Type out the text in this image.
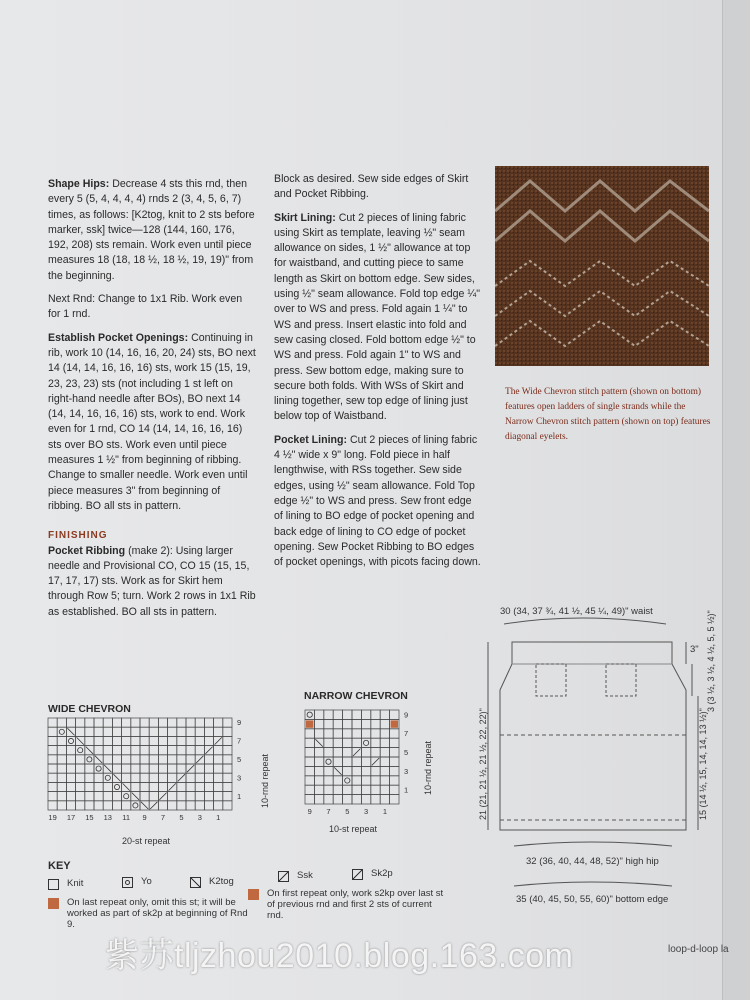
Shape Hips: Decrease 4 sts this rnd, then every 5 (5, 4, 4, 4, 4) rnds 2 (3, 4, 5, 6, 7) times, as follows: [K2tog, knit to 2 sts before marker, ssk] twice—128 (144, 160, 176, 192, 208) sts remain. Work even until piece measures 18 (18, 18 ½, 18 ½, 19, 19)" from the beginning.

Next Rnd: Change to 1x1 Rib. Work even for 1 rnd.

Establish Pocket Openings: Continuing in rib, work 10 (14, 16, 16, 20, 24) sts, BO next 14 (14, 14, 16, 16, 16) sts, work 15 (15, 19, 23, 23, 23) sts (not including 1 st left on right-hand needle after BOs), BO next 14 (14, 14, 16, 16, 16) sts, work to end. Work even for 1 rnd, CO 14 (14, 14, 16, 16, 16) sts over BO sts. Work even until piece measures 1 ½" from beginning of ribbing. Change to smaller needle. Work even until piece measures 3" from beginning of ribbing. BO all sts in pattern.

FINISHING

Pocket Ribbing (make 2): Using larger needle and Provisional CO, CO 15 (15, 15, 17, 17, 17) sts. Work as for Skirt hem through Row 5; turn. Work 2 rows in 1x1 Rib as established. BO all sts in pattern.

Block as desired. Sew side edges of Skirt and Pocket Ribbing.

Skirt Lining: Cut 2 pieces of lining fabric using Skirt as template, leaving ½" seam allowance on sides, 1 ½" allowance at top for waistband, and cutting piece to same length as Skirt on bottom edge. Sew sides, using ½" seam allowance. Fold top edge ¼" over to WS and press. Fold again 1 ¼" to WS and press. Insert elastic into fold and sew casing closed. Fold bottom edge ½" to WS and press. Fold again 1" to WS and press. Sew bottom edge, making sure to secure both folds. With WSs of Skirt and lining together, sew top edge of lining just below top of Waistband.

Pocket Lining: Cut 2 pieces of lining fabric 4 ½" wide x 9" long. Fold piece in half lengthwise, with RSs together. Sew side edges, using ½" seam allowance. Fold Top edge ½" to WS and press. Sew front edge of lining to BO edge of pocket opening and back edge of lining to CO edge of pocket opening. Sew Pocket Ribbing to BO edges of pocket openings, with picots facing down.

The Wide Chevron stitch pattern (shown on bottom) features open ladders of single strands while the Narrow Chevron stitch pattern (shown on top) features diagonal eyelets.
WIDE CHEVRON
9
7
5
3
1
19 17 15 13 11 9 7 5 3 1
10-rnd repeat
20-st repeat
NARROW CHEVRON
9
7
5
3
1
9 7 5 3 1
10-rnd repeat
10-st repeat
KEY
Knit	Yo	K2tog
Ssk	Sk2p
On last repeat only, omit this st; it will be worked as part of sk2p at beginning of Rnd 9.
On first repeat only, work s2kp over last st of previous rnd and first 2 sts of current rnd.
30 (34, 37 ¾, 41 ½, 45 ¼, 49)" waist
3" 3 (3 ½, 3 ½, 4 ½, 5, 5 ½)"
15 (14 ½, 15, 14, 14, 13 ½)"
21 (21, 21 ½, 21 ½, 22, 22)"
32 (36, 40, 44, 48, 52)" high hip
35 (40, 45, 50, 55, 60)" bottom edge
紫苏tljzhou2010.blog.163.com	loop-d-loop la
